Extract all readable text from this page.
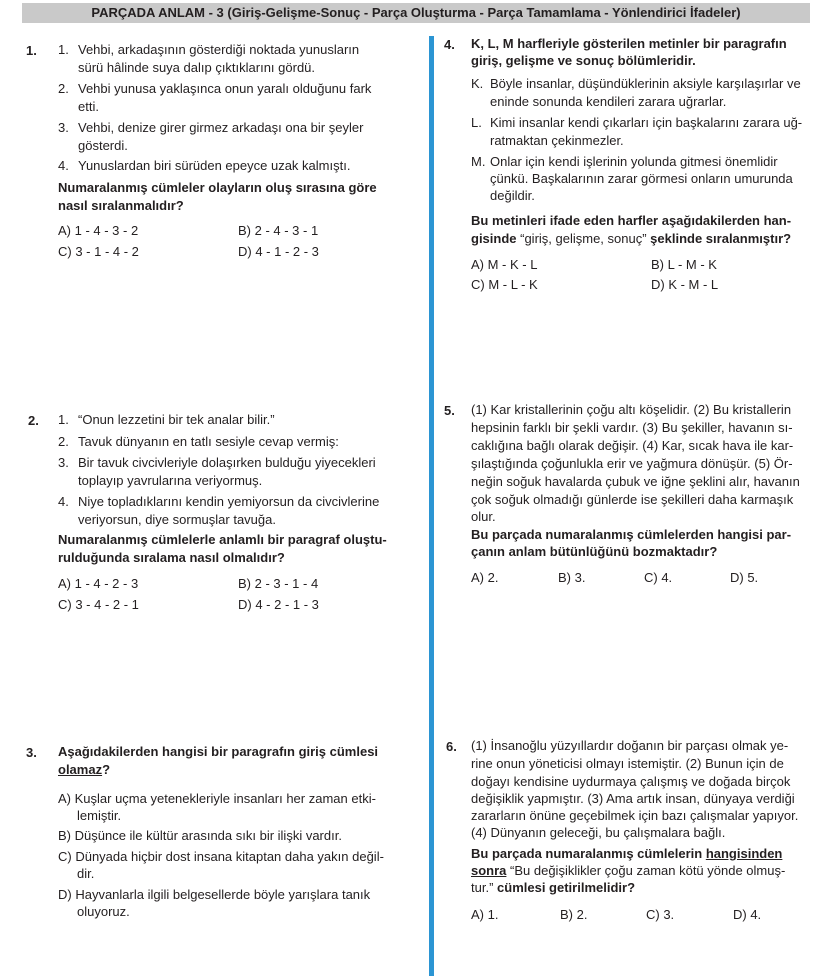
PARÇADA ANLAM - 3 (Giriş-Gelişme-Sonuç - Parça Oluşturma - Parça Tamamlama - Yönlendirici İfadeler)
1. 1. Vehbi, arkadaşının gösterdiği noktada yunusların
sürü hâlinde suya dalıp çıktıklarını gördü.
2. Vehbi yunusa yaklaşınca onun yaralı olduğunu fark
etti.
3. Vehbi, denize girer girmez arkadaşı ona bir şeyler
gösterdi.
4. Yunuslardan biri sürüden epeyce uzak kalmıştı.
Numaralanmış cümleler olayların oluş sırasına göre
nasıl sıralanmalıdır?
A) 1 - 4 - 3 - 2	B) 2 - 4 - 3 - 1
C) 3 - 1 - 4 - 2	D) 4 - 1 - 2 - 3
2. 1. “Onun lezzetini bir tek analar bilir.”
2. Tavuk dünyanın en tatlı sesiyle cevap vermiş:
3. Bir tavuk civcivleriyle dolaşırken bulduğu yiyecekleri
toplayıp yavrularına veriyormuş.
4. Niye topladıklarını kendin yemiyorsun da civcivlerine
veriyorsun, diye sormuşlar tavuğa.
Numaralanmış cümlelerle anlamlı bir paragraf oluştu-
rulduğunda sıralama nasıl olmalıdır?
A) 1 - 4 - 2 - 3	B) 2 - 3 - 1 - 4
C) 3 - 4 - 2 - 1	D) 4 - 2 - 1 - 3
3. Aşağıdakilerden hangisi bir paragrafın giriş cümlesi
olamaz?
A) Kuşlar uçma yetenekleriyle insanları her zaman etki-
lemiştir.
B) Düşünce ile kültür arasında sıkı bir ilişki vardır.
C) Dünyada hiçbir dost insana kitaptan daha yakın değil-
dir.
D) Hayvanlarla ilgili belgesellerde böyle yarışlara tanık
oluyoruz.
4. K, L, M harfleriyle gösterilen metinler bir paragrafın
giriş, gelişme ve sonuç bölümleridir.
K. Böyle insanlar, düşündüklerinin aksiyle karşılaşırlar ve
eninde sonunda kendileri zarara uğrarlar.
L. Kimi insanlar kendi çıkarları için başkalarını zarara uğ-
ratmaktan çekinmezler.
M. Onlar için kendi işlerinin yolunda gitmesi önemlidir
çünkü. Başkalarının zarar görmesi onların umurunda
değildir.
Bu metinleri ifade eden harfler aşağıdakilerden han-
gisinde “giriş, gelişme, sonuç” şeklinde sıralanmıştır?
A) M - K - L	B) L - M - K
C) M - L - K	D) K - M - L
5. (1) Kar kristallerinin çoğu altı köşelidir. (2) Bu kristallerin
hepsinin farklı bir şekli vardır. (3) Bu şekiller, havanın sı-
caklığına bağlı olarak değişir. (4) Kar, sıcak hava ile kar-
şılaştığında çoğunlukla erir ve yağmura dönüşür. (5) Ör-
neğin soğuk havalarda çubuk ve iğne şeklini alır, havanın
çok soğuk olmadığı günlerde ise şekilleri daha karmaşık
olur.
Bu parçada numaralanmış cümlelerden hangisi par-
çanın anlam bütünlüğünü bozmaktadır?
A) 2.	B) 3.	C) 4.	D) 5.
6. (1) İnsanoğlu yüzyıllardır doğanın bir parçası olmak ye-
rine onun yöneticisi olmayı istemiştir. (2) Bunun için de
doğayı kendisine uydurmaya çalışmış ve doğada birçok
değişiklik yapmıştır. (3) Ama artık insan, dünyaya verdiği
zararların önüne geçebilmek için bazı çalışmalar yapıyor.
(4) Dünyanın geleceği, bu çalışmalara bağlı.
Bu parçada numaralanmış cümlelerin hangisinden
sonra “Bu değişiklikler çoğu zaman kötü yönde olmuş-
tur.” cümlesi getirilmelidir?
A) 1.	B) 2.	C) 3.	D) 4.
